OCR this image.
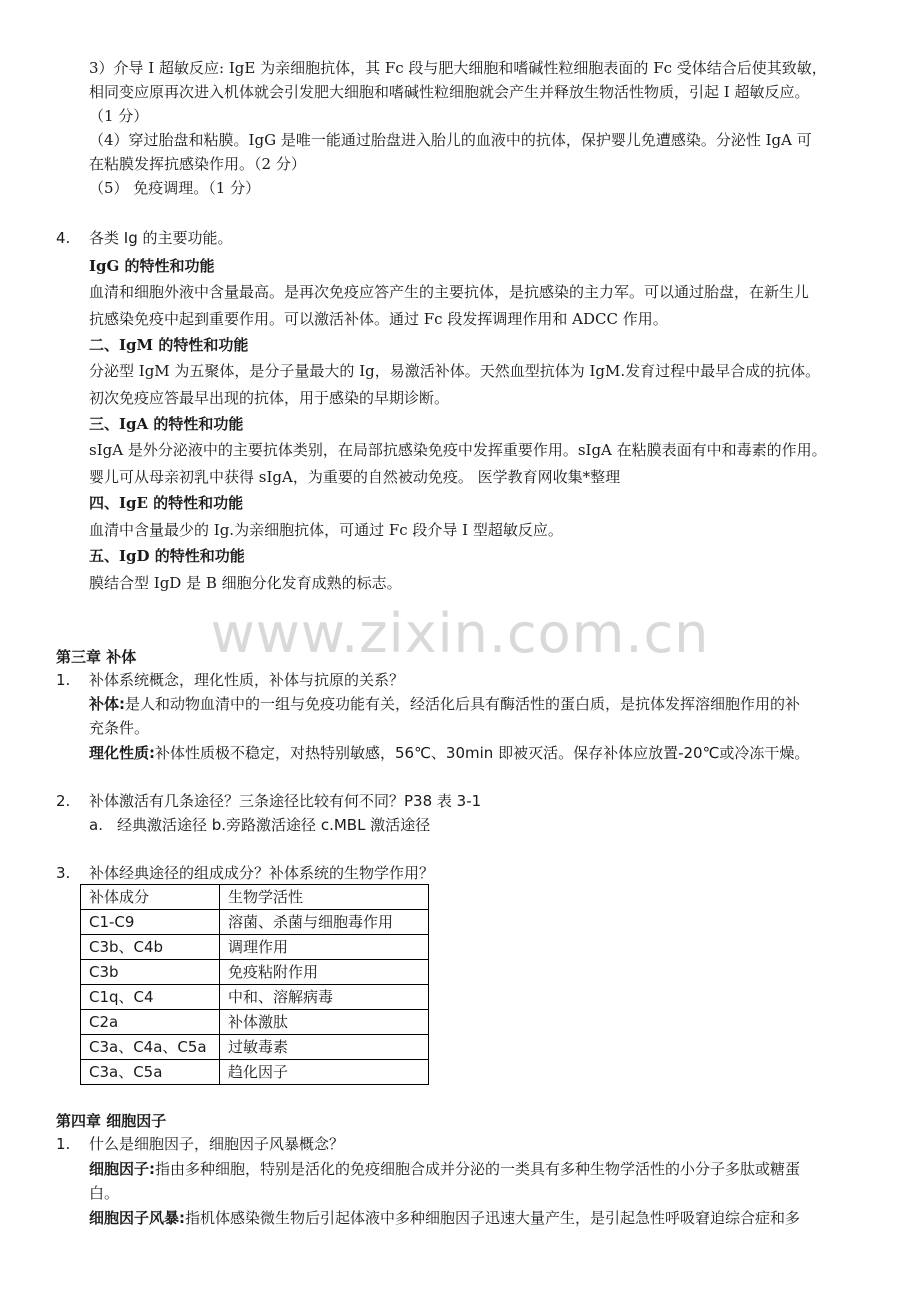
3）介导 I 超敏反应: IgE 为亲细胞抗体，其 Fc 段与肥大细胞和嗜碱性粒细胞表面的 Fc 受体结合后使其致敏，
相同变应原再次进入机体就会引发肥大细胞和嗜碱性粒细胞就会产生并释放生物活性物质，引起 I 超敏反应。
（1 分）
（4）穿过胎盘和粘膜。IgG 是唯一能通过胎盘进入胎儿的血液中的抗体，保护婴儿免遭感染。分泌性 IgA 可
在粘膜发挥抗感染作用。（2 分）
（5） 免疫调理。（1 分）
4. 各类 Ig 的主要功能。
IgG 的特性和功能
血清和细胞外液中含量最高。是再次免疫应答产生的主要抗体，是抗感染的主力军。可以通过胎盘，在新生儿
抗感染免疫中起到重要作用。可以激活补体。通过 Fc 段发挥调理作用和 ADCC 作用。
二、IgM 的特性和功能
分泌型 IgM 为五聚体，是分子量最大的 Ig，易激活补体。天然血型抗体为 IgM.发育过程中最早合成的抗体。
初次免疫应答最早出现的抗体，用于感染的早期诊断。
三、IgA 的特性和功能
sIgA 是外分泌液中的主要抗体类别，在局部抗感染免疫中发挥重要作用。sIgA 在粘膜表面有中和毒素的作用。
婴儿可从母亲初乳中获得 sIgA，为重要的自然被动免疫。 医学教育网收集*整理
四、IgE 的特性和功能
血清中含量最少的 Ig.为亲细胞抗体，可通过 Fc 段介导 I 型超敏反应。
五、IgD 的特性和功能
膜结合型 IgD 是 B 细胞分化发育成熟的标志。
www.zixin.com.cn
第三章 补体
1. 补体系统概念，理化性质，补体与抗原的关系？
补体:是人和动物血清中的一组与免疫功能有关，经活化后具有酶活性的蛋白质，是抗体发挥溶细胞作用的补
充条件。
理化性质:补体性质极不稳定，对热特别敏感，56℃、30min 即被灭活。保存补体应放置-20℃或冷冻干燥。
2. 补体激活有几条途径？三条途径比较有何不同？P38 表 3-1
a. 经典激活途径 b.旁路激活途径 c.MBL 激活途径
3. 补体经典途径的组成成分？补体系统的生物学作用？
补体成分	生物学活性
C1-C9	溶菌、杀菌与细胞毒作用
C3b、C4b	调理作用
C3b	免疫粘附作用
C1q、C4	中和、溶解病毒
C2a	补体激肽
C3a、C4a、C5a	过敏毒素
C3a、C5a	趋化因子
第四章 细胞因子
1. 什么是细胞因子，细胞因子风暴概念？
细胞因子:指由多种细胞，特别是活化的免疫细胞合成并分泌的一类具有多种生物学活性的小分子多肽或糖蛋
白。
细胞因子风暴:指机体感染微生物后引起体液中多种细胞因子迅速大量产生，是引起急性呼吸窘迫综合症和多
